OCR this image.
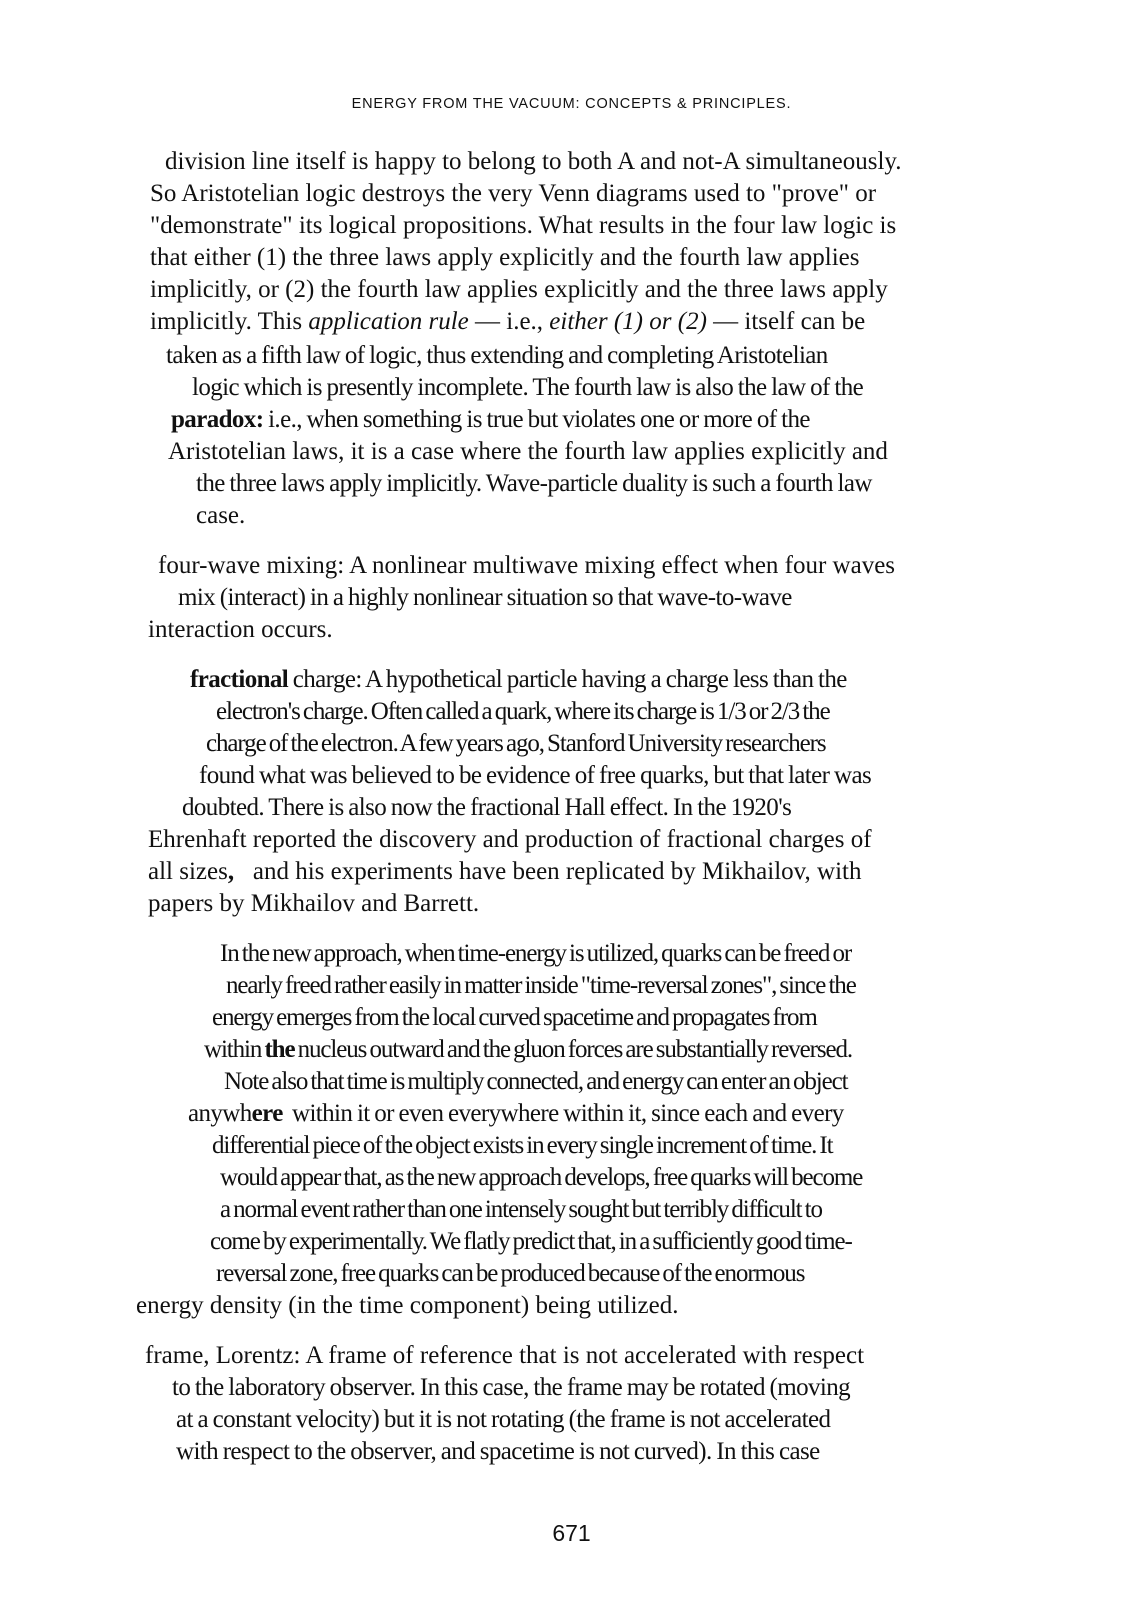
ENERGY FROM THE VACUUM: CONCEPTS & PRINCIPLES.
division line itself is happy to belong to both A and not-A simultaneously.
So Aristotelian logic destroys the very Venn diagrams used to "prove" or
"demonstrate" its logical propositions. What results in the four law logic is
that either (1) the three laws apply explicitly and the fourth law applies
implicitly, or (2) the fourth law applies explicitly and the three laws apply
implicitly. This application rule — i.e., either (1) or (2) — itself can be
taken as a fifth law of logic, thus extending and completing Aristotelian
logic which is presently incomplete. The fourth law is also the law of the
paradox: i.e., when something is true but violates one or more of the
Aristotelian laws, it is a case where the fourth law applies explicitly and
the three laws apply implicitly. Wave-particle duality is such a fourth law
case.
four-wave mixing: A nonlinear multiwave mixing effect when four waves
mix (interact) in a highly nonlinear situation so that wave-to-wave
interaction occurs.
fractional charge: A hypothetical particle having a charge less than the
electron's charge. Often called a quark, where its charge is 1/3 or 2/3 the
charge of the electron. A few years ago, Stanford University researchers
found what was believed to be evidence of free quarks, but that later was
doubted. There is also now the fractional Hall effect. In the 1920's
Ehrenhaft reported the discovery and production of fractional charges of
all sizes,   and his experiments have been replicated by Mikhailov, with
papers by Mikhailov and Barrett.
In the new approach, when time-energy is utilized, quarks can be freed or
nearly freed rather easily in matter inside "time-reversal zones", since the
energy emerges from the local curved spacetime and propagates from
within the nucleus outward and the gluon forces are substantially reversed.
Note also that time is multiply connected, and energy can enter an object
anywhere  within it or even everywhere within it, since each and every
differential piece of the object exists in every single increment of time. It
would appear that, as the new approach develops, free quarks will become
a normal event rather than one intensely sought but terribly difficult to
come by experimentally. We flatly predict that, in a sufficiently good time-
reversal zone, free quarks can be produced because of the enormous
energy density (in the time component) being utilized.
frame, Lorentz: A frame of reference that is not accelerated with respect
to the laboratory observer. In this case, the frame may be rotated (moving
at a constant velocity) but it is not rotating (the frame is not accelerated
with respect to the observer, and spacetime is not curved). In this case
671
